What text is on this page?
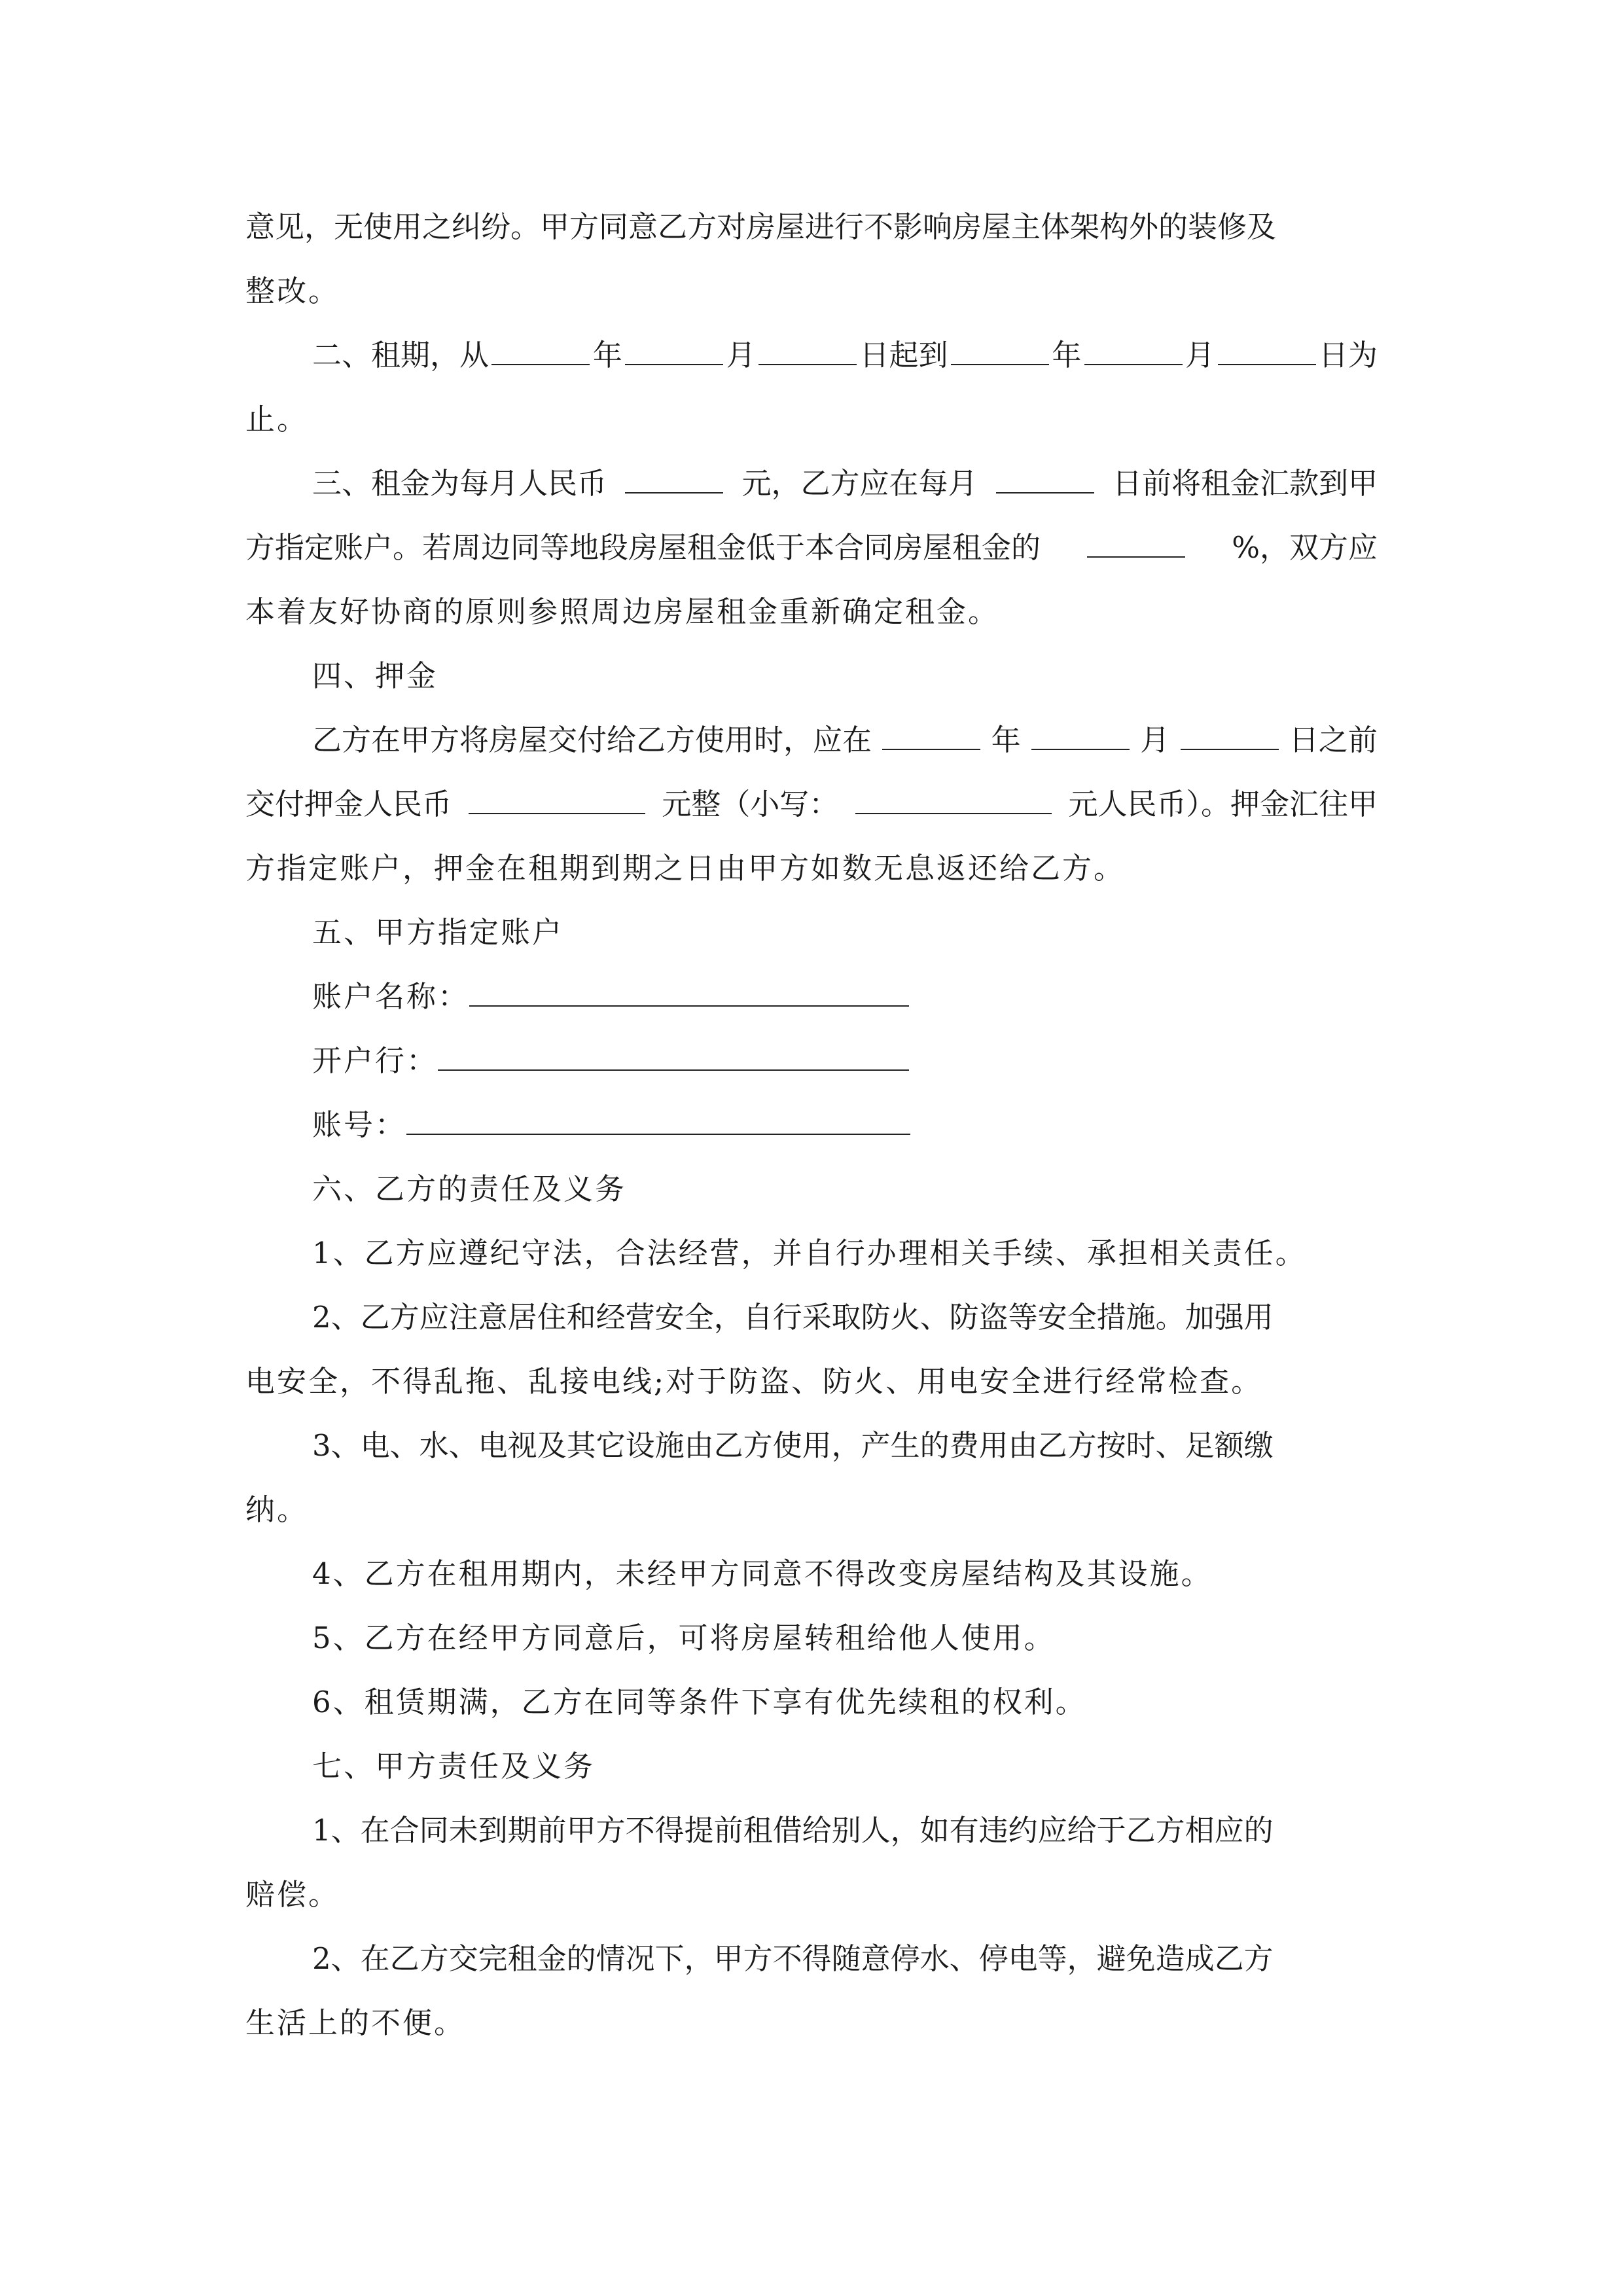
意见，无使用之纠纷。甲方同意乙方对房屋进行不影响房屋主体架构外的装修及
整改。
二、租期，从	年	月	日起到	年	月	日为
止。
三、租金为每月人民币	元，乙方应在每月	日前将租金汇款到甲
方指定账户。若周边同等地段房屋租金低于本合同房屋租金的	%，双方应
本着友好协商的原则参照周边房屋租金重新确定租金。
四、押金
乙方在甲方将房屋交付给乙方使用时，应在	年	月	日之前
交付押金人民币	元整（小写：	元人民币）。押金汇往甲
方指定账户，押金在租期到期之日由甲方如数无息返还给乙方。
五、甲方指定账户
账户名称：
开户行：
账号：
六、乙方的责任及义务
1、乙方应遵纪守法，合法经营，并自行办理相关手续、承担相关责任。
2、乙方应注意居住和经营安全，自行采取防火、防盗等安全措施。加强用
电安全，不得乱拖、乱接电线;对于防盗、防火、用电安全进行经常检查。
3、电、水、电视及其它设施由乙方使用，产生的费用由乙方按时、足额缴
纳。
4、乙方在租用期内，未经甲方同意不得改变房屋结构及其设施。
5、乙方在经甲方同意后，可将房屋转租给他人使用。
6、租赁期满，乙方在同等条件下享有优先续租的权利。
七、甲方责任及义务
1、在合同未到期前甲方不得提前租借给别人，如有违约应给于乙方相应的
赔偿。
2、在乙方交完租金的情况下，甲方不得随意停水、停电等，避免造成乙方
生活上的不便。
